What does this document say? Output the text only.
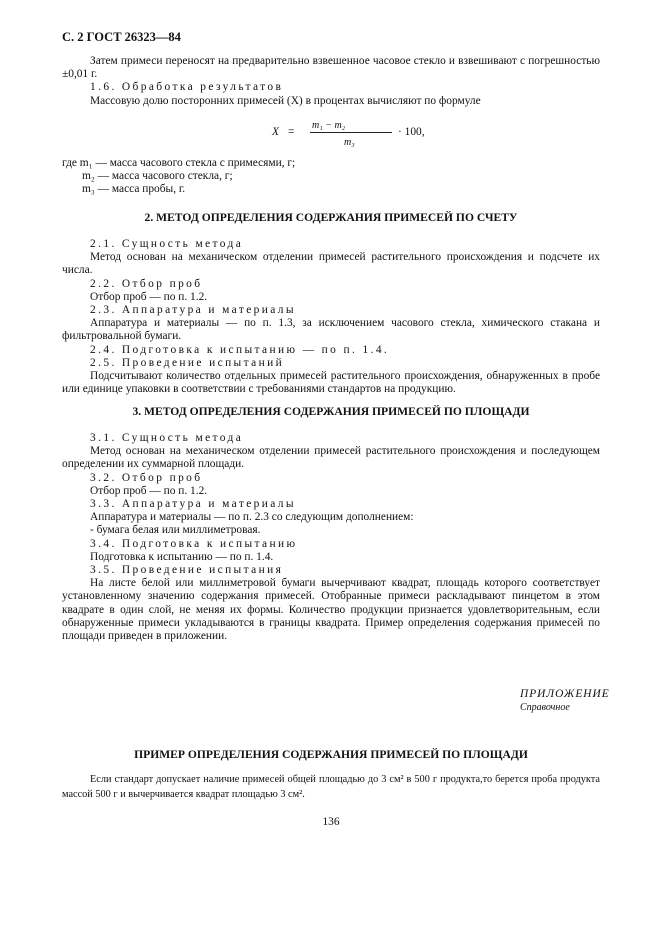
С. 2 ГОСТ 26323—84

Затем примеси переносят на предварительно взвешенное часовое стекло и взвешивают с погрешностью ±0,01 г.

1.6. Обработка результатов

Массовую долю посторонних примесей (X) в процентах вычисляют по формуле

X =
m₁ − m₂
m₃
· 100,

где m₁ — масса часового стекла с примесями, г;

m₂ — масса часового стекла, г;

m₃ — масса пробы, г.

2. МЕТОД ОПРЕДЕЛЕНИЯ СОДЕРЖАНИЯ ПРИМЕСЕЙ ПО СЧЕТУ

2.1. Сущность метода

Метод основан на механическом отделении примесей растительного происхождения и подсчете их числа.

2.2. Отбор проб

Отбор проб — по п. 1.2.

2.3. Аппаратура и материалы

Аппаратура и материалы — по п. 1.3, за исключением часового стекла, химического стакана и фильтровальной бумаги.

2.4. Подготовка к испытанию — по п. 1.4.

2.5. Проведение испытаний

Подсчитывают количество отдельных примесей растительного происхождения, обнаруженных в пробе или единице упаковки в соответствии с требованиями стандартов на продукцию.

3. МЕТОД ОПРЕДЕЛЕНИЯ СОДЕРЖАНИЯ ПРИМЕСЕЙ ПО ПЛОЩАДИ

3.1. Сущность метода

Метод основан на механическом отделении примесей растительного происхождения и последующем определении их суммарной площади.

3.2. Отбор проб

Отбор проб — по п. 1.2.

3.3. Аппаратура и материалы

Аппаратура и материалы — по п. 2.3 со следующим дополнением:

- бумага белая или миллиметровая.

3.4. Подготовка к испытанию

Подготовка к испытанию — по п. 1.4.

3.5. Проведение испытания

На листе белой или миллиметровой бумаги вычерчивают квадрат, площадь которого соответствует установленному значению содержания примесей. Отобранные примеси раскладывают пинцетом в этом квадрате в один слой, не меняя их формы. Количество продукции признается удовлетворительным, если обнаруженные примеси укладываются в границы квадрата. Пример определения содержания примесей по площади приведен в приложении.

ПРИЛОЖЕНИЕ

Справочное

ПРИМЕР ОПРЕДЕЛЕНИЯ СОДЕРЖАНИЯ ПРИМЕСЕЙ ПО ПЛОЩАДИ

Если стандарт допускает наличие примесей общей площадью до 3 см² в 500 г продукта,то берется проба продукта массой 500 г и вычерчивается квадрат площадью 3 см².

136
